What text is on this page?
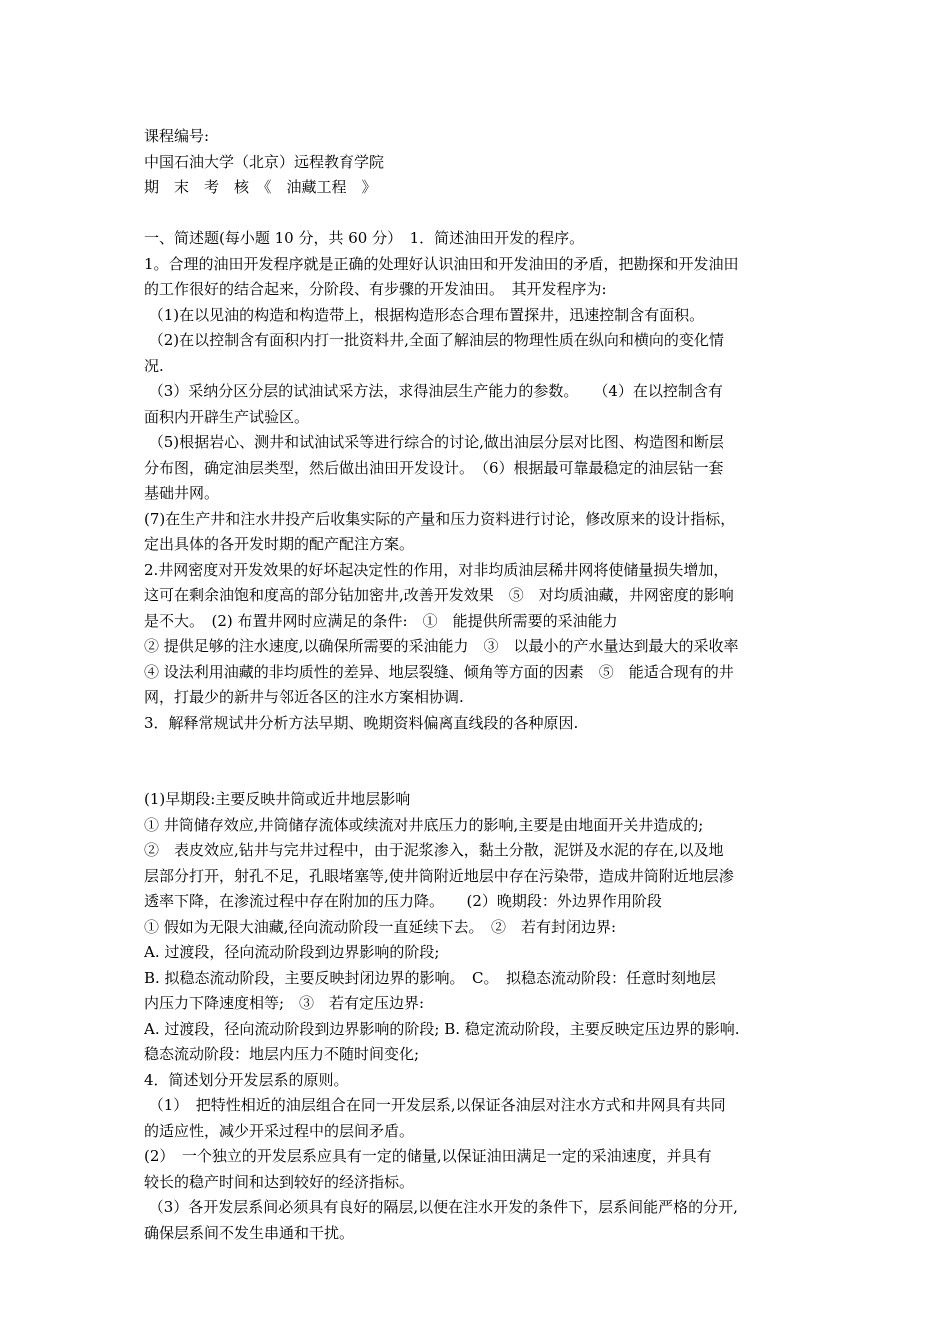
课程编号:
中国石油大学（北京）远程教育学院
期　末　考　核　《　油藏工程　》
一、简述题(每小题 10 分，共 60 分）　1．简述油田开发的程序。
1。合理的油田开发程序就是正确的处理好认识油田和开发油田的矛盾，把勘探和开发油田
的工作很好的结合起来，分阶段、有步骤的开发油田。　其开发程序为:
（1)在以见油的构造和构造带上，根据构造形态合理布置探井，迅速控制含有面积。
（2)在以控制含有面积内打一批资料井,全面了解油层的物理性质在纵向和横向的变化情
况.
（3）采纳分区分层的试油试采方法，求得油层生产能力的参数。　　（4）在以控制含有
面积内开辟生产试验区。
（5)根据岩心、测井和试油试采等进行综合的讨论,做出油层分层对比图、构造图和断层
分布图，确定油层类型，然后做出油田开发设计。　（6）根据最可靠最稳定的油层钻一套
基础井网。
(7)在生产井和注水井投产后收集实际的产量和压力资料进行讨论，修改原来的设计指标，
定出具体的各开发时期的配产配注方案。
2.井网密度对开发效果的好坏起决定性的作用，对非均质油层稀井网将使储量损失增加，
这可在剩余油饱和度高的部分钻加密井,改善开发效果　⑤　对均质油藏，井网密度的影响
是不大。　(2) 布置井网时应满足的条件:　①　能提供所需要的采油能力
② 提供足够的注水速度,以确保所需要的采油能力　③　以最小的产水量达到最大的采收率
④ 设法利用油藏的非均质性的差异、地层裂缝、倾角等方面的因素　⑤　能适合现有的井
网，打最少的新井与邻近各区的注水方案相协调.
3．解释常规试井分析方法早期、晚期资料偏离直线段的各种原因.
(1)早期段:主要反映井筒或近井地层影响
① 井筒储存效应,井筒储存流体或续流对井底压力的影响,主要是由地面开关井造成的;
②　表皮效应,钻井与完井过程中，由于泥浆渗入，黏土分散，泥饼及水泥的存在,以及地
层部分打开，射孔不足，孔眼堵塞等,使井筒附近地层中存在污染带，造成井筒附近地层渗
透率下降，在渗流过程中存在附加的压力降。　　(2）晚期段：外边界作用阶段
① 假如为无限大油藏,径向流动阶段一直延续下去。　②　若有封闭边界:
A. 过渡段，径向流动阶段到边界影响的阶段;
B. 拟稳态流动阶段，主要反映封闭边界的影响。　C。　拟稳态流动阶段：任意时刻地层
内压力下降速度相等;　③　若有定压边界:
A. 过渡段，径向流动阶段到边界影响的阶段; B. 稳定流动阶段，主要反映定压边界的影响.
稳态流动阶段：地层内压力不随时间变化;
4．简述划分开发层系的原则。
（1）　把特性相近的油层组合在同一开发层系,以保证各油层对注水方式和井网具有共同
的适应性，减少开采过程中的层间矛盾。
(2）　一个独立的开发层系应具有一定的储量,以保证油田满足一定的采油速度，并具有
较长的稳产时间和达到较好的经济指标。
（3）各开发层系间必须具有良好的隔层,以便在注水开发的条件下，层系间能严格的分开,
确保层系间不发生串通和干扰。
